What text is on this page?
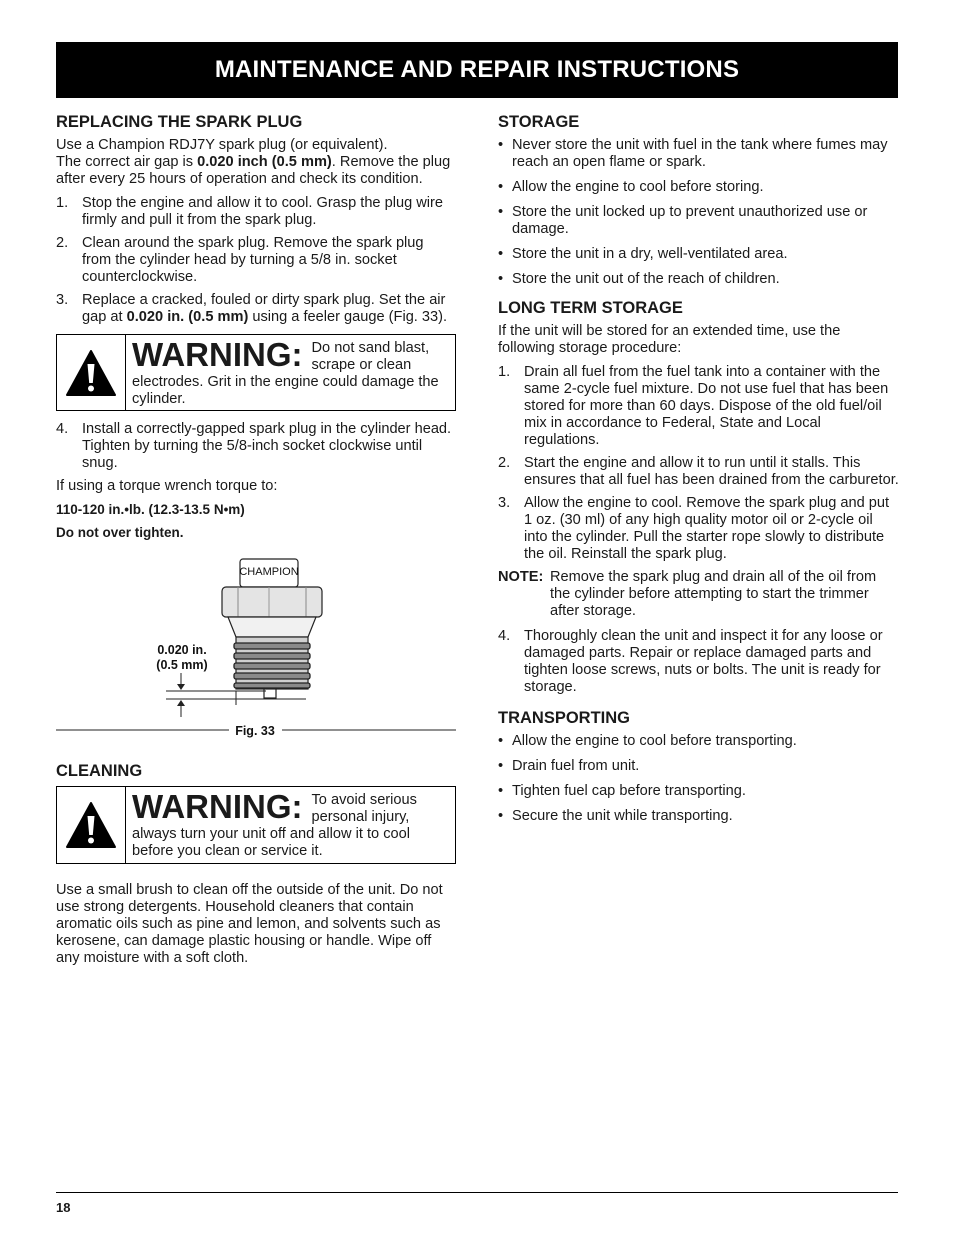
MAINTENANCE AND REPAIR INSTRUCTIONS
REPLACING THE SPARK PLUG

Use a Champion RDJ7Y spark plug (or equivalent).

The correct air gap is 0.020 inch (0.5 mm). Remove the plug after every 25 hours of operation and check its condition.

1. Stop the engine and allow it to cool. Grasp the plug wire firmly and pull it from the spark plug.
2. Clean around the spark plug. Remove the spark plug from the cylinder head by turning a 5/8 in. socket counterclockwise.
3. Replace a cracked, fouled or dirty spark plug. Set the air gap at 0.020 in. (0.5 mm) using a feeler gauge (Fig. 33).
WARNING: Do not sand blast, scrape or clean electrodes. Grit in the engine could damage the cylinder.
4. Install a correctly-gapped spark plug in the cylinder head. Tighten by turning the 5/8-inch socket clockwise until snug.

If using a torque wrench torque to:

110-120 in.•lb. (12.3-13.5 N•m)

Do not over tighten.

CHAMPION
0.020 in.
(0.5 mm)
Fig. 33
CLEANING
WARNING: To avoid serious personal injury, always turn your unit off and allow it to cool before you clean or service it.

Use a small brush to clean off the outside of the unit. Do not use strong detergents. Household cleaners that contain aromatic oils such as pine and lemon, and solvents such as kerosene, can damage plastic housing or handle. Wipe off any moisture with a soft cloth.

STORAGE
• Never store the unit with fuel in the tank where fumes may reach an open flame or spark.
• Allow the engine to cool before storing.
• Store the unit locked up to prevent unauthorized use or damage.
• Store the unit in a dry, well-ventilated area.
• Store the unit out of the reach of children.
LONG TERM STORAGE

If the unit will be stored for an extended time, use the following storage procedure:

1. Drain all fuel from the fuel tank into a container with the same 2-cycle fuel mixture. Do not use fuel that has been stored for more than 60 days. Dispose of the old fuel/oil mix in accordance to Federal, State and Local regulations.
2. Start the engine and allow it to run until it stalls. This ensures that all fuel has been drained from the carburetor.
3. Allow the engine to cool. Remove the spark plug and put 1 oz. (30 ml) of any high quality motor oil or 2-cycle oil into the cylinder. Pull the starter rope slowly to distribute the oil. Reinstall the spark plug.
NOTE: Remove the spark plug and drain all of the oil from the cylinder before attempting to start the trimmer after storage.
4. Thoroughly clean the unit and inspect it for any loose or damaged parts. Repair or replace damaged parts and tighten loose screws, nuts or bolts. The unit is ready for storage.
TRANSPORTING
• Allow the engine to cool before transporting.
• Drain fuel from unit.
• Tighten fuel cap before transporting.
• Secure the unit while transporting.
18
